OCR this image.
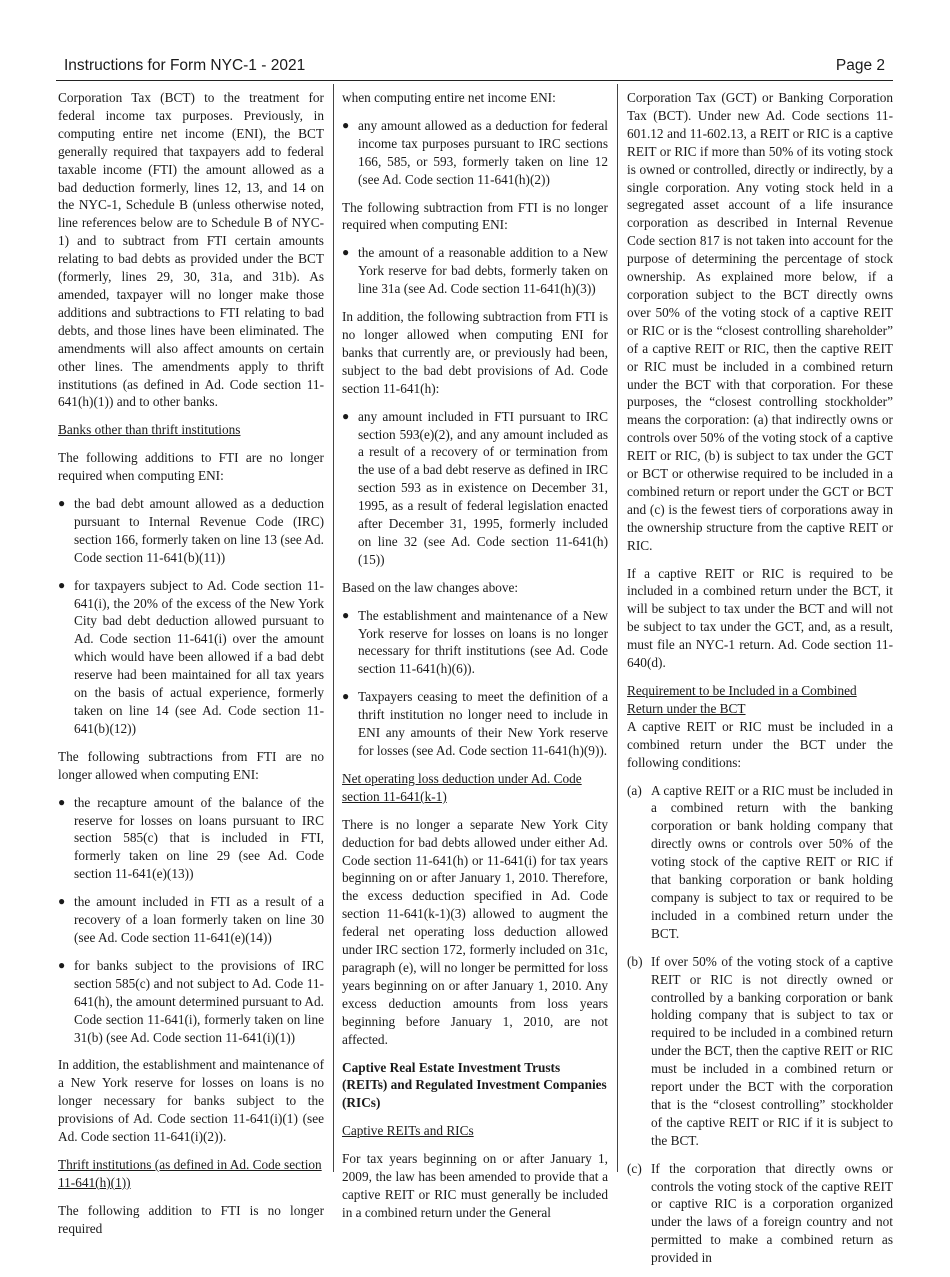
Instructions for Form NYC-1 - 2021	Page 2

Corporation Tax (BCT) to the treatment for federal income tax purposes. Previously, in computing entire net income (ENI), the BCT generally required that taxpayers add to federal taxable income (FTI) the amount allowed as a bad deduction formerly, lines 12, 13, and 14 on the NYC-1, Schedule B (unless otherwise noted, line references below are to Schedule B of NYC-1) and to subtract from FTI certain amounts relating to bad debts as provided under the BCT (formerly, lines 29, 30, 31a, and 31b). As amended, taxpayer will no longer make those additions and subtractions to FTI relating to bad debts, and those lines have been eliminated. The amendments will also affect amounts on certain other lines. The amendments apply to thrift institutions (as defined in Ad. Code section 11-641(h)(1)) and to other banks.

Banks other than thrift institutions

The following additions to FTI are no longer required when computing ENI:

● the bad debt amount allowed as a deduction pursuant to Internal Revenue Code (IRC) section 166, formerly taken on line 13 (see Ad. Code section 11-641(b)(11))
● for taxpayers subject to Ad. Code section 11-641(i), the 20% of the excess of the New York City bad debt deduction allowed pursuant to Ad. Code section 11-641(i) over the amount which would have been allowed if a bad debt reserve had been maintained for all tax years on the basis of actual experience, formerly taken on line 14 (see Ad. Code section 11-641(b)(12))

The following subtractions from FTI are no longer allowed when computing ENI:

● the recapture amount of the balance of the reserve for losses on loans pursuant to IRC section 585(c) that is included in FTI, formerly taken on line 29 (see Ad. Code section 11-641(e)(13))
● the amount included in FTI as a result of a recovery of a loan formerly taken on line 30 (see Ad. Code section 11-641(e)(14))
● for banks subject to the provisions of IRC section 585(c) and not subject to Ad. Code 11-641(h), the amount determined pursuant to Ad. Code section 11-641(i), formerly taken on line 31(b) (see Ad. Code section 11-641(i)(1))

In addition, the establishment and maintenance of a New York reserve for losses on loans is no longer necessary for banks subject to the provisions of Ad. Code section 11-641(i)(1) (see Ad. Code section 11-641(i)(2)).

Thrift institutions (as defined in Ad. Code section 11-641(h)(1))

The following addition to FTI is no longer required

when computing entire net income ENI:

● any amount allowed as a deduction for federal income tax purposes pursuant to IRC sections 166, 585, or 593, formerly taken on line 12 (see Ad. Code section 11-641(h)(2))

The following subtraction from FTI is no longer required when computing ENI:

● the amount of a reasonable addition to a New York reserve for bad debts, formerly taken on line 31a (see Ad. Code section 11-641(h)(3))

In addition, the following subtraction from FTI is no longer allowed when computing ENI for banks that currently are, or previously had been, subject to the bad debt provisions of Ad. Code section 11-641(h):

● any amount included in FTI pursuant to IRC section 593(e)(2), and any amount included as a result of a recovery of or termination from the use of a bad debt reserve as defined in IRC section 593 as in existence on December 31, 1995, as a result of federal legislation enacted after December 31, 1995, formerly included on line 32 (see Ad. Code section 11-641(h)(15))

Based on the law changes above:

● The establishment and maintenance of a New York reserve for losses on loans is no longer necessary for thrift institutions (see Ad. Code section 11-641(h)(6)).
● Taxpayers ceasing to meet the definition of a thrift institution no longer need to include in ENI any amounts of their New York reserve for losses (see Ad. Code section 11-641(h)(9)).

Net operating loss deduction under Ad. Code section 11-641(k-1)

There is no longer a separate New York City deduction for bad debts allowed under either Ad. Code section 11-641(h) or 11-641(i) for tax years beginning on or after January 1, 2010. Therefore, the excess deduction specified in Ad. Code section 11-641(k-1)(3) allowed to augment the federal net operating loss deduction allowed under IRC section 172, formerly included on 31c, paragraph (e), will no longer be permitted for loss years beginning on or after January 1, 2010. Any excess deduction amounts from loss years beginning before January 1, 2010, are not affected.

Captive Real Estate Investment Trusts (REITs) and Regulated Investment Companies (RICs)

Captive REITs and RICs

For tax years beginning on or after January 1, 2009, the law has been amended to provide that a captive REIT or RIC must generally be included in a combined return under the General

Corporation Tax (GCT) or Banking Corporation Tax (BCT). Under new Ad. Code sections 11-601.12 and 11-602.13, a REIT or RIC is a captive REIT or RIC if more than 50% of its voting stock is owned or controlled, directly or indirectly, by a single corporation. Any voting stock held in a segregated asset account of a life insurance corporation as described in Internal Revenue Code section 817 is not taken into account for the purpose of determining the percentage of stock ownership. As explained more below, if a corporation subject to the BCT directly owns over 50% of the voting stock of a captive REIT or RIC or is the “closest controlling shareholder” of a captive REIT or RIC, then the captive REIT or RIC must be included in a combined return under the BCT with that corporation. For these purposes, the “closest controlling stockholder” means the corporation: (a) that indirectly owns or controls over 50% of the voting stock of a captive REIT or RIC, (b) is subject to tax under the GCT or BCT or otherwise required to be included in a combined return or report under the GCT or BCT and (c) is the fewest tiers of corporations away in the ownership structure from the captive REIT or RIC.

If a captive REIT or RIC is required to be included in a combined return under the BCT, it will be subject to tax under the BCT and will not be subject to tax under the GCT, and, as a result, must file an NYC-1 return. Ad. Code section 11-640(d).

Requirement to be Included in a Combined Return under the BCT

A captive REIT or RIC must be included in a combined return under the BCT under the following conditions:

(a) A captive REIT or a RIC must be included in a combined return with the banking corporation or bank holding company that directly owns or controls over 50% of the voting stock of the captive REIT or RIC if that banking corporation or bank holding company is subject to tax or required to be included in a combined return under the BCT.
(b) If over 50% of the voting stock of a captive REIT or RIC is not directly owned or controlled by a banking corporation or bank holding company that is subject to tax or required to be included in a combined return under the BCT, then the captive REIT or RIC must be included in a combined return or report under the BCT with the corporation that is the “closest controlling” stockholder of the captive REIT or RIC if it is subject to the BCT.
(c) If the corporation that directly owns or controls the voting stock of the captive REIT or captive RIC is a corporation organized under the laws of a foreign country and not permitted to make a combined return as provided in
